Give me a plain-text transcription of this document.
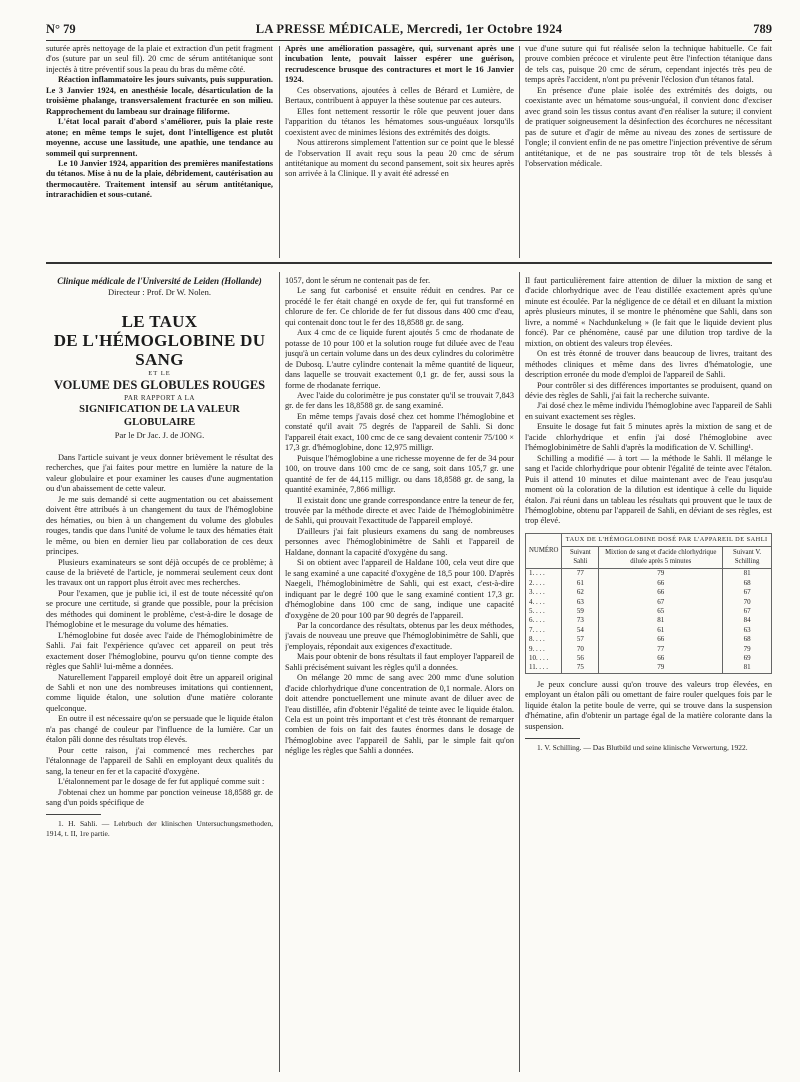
LA PRESSE MÉDICALE, Mercredi, 1er Octobre 1924
N° 79	789

suturée après nettoyage de la plaie et extraction d'un petit fragment d'os (suture par un seul fil). 20 cmc de sérum antitétanique sont injectés à titre préventif sous la peau du bras du même côté.

Réaction inflammatoire les jours suivants, puis suppuration. Le 3 Janvier 1924, en anesthésie locale, désarticulation de la troisième phalange, transversalement fracturée en son milieu. Rapprochement du lambeau sur drainage filiforme.

L'état local parait d'abord s'améliorer, puis la plaie reste atone; en même temps le sujet, dont l'intelligence est plutôt moyenne, accuse une lassitude, une apathie, une tendance au sommeil qui surprennent.

Le 10 Janvier 1924, apparition des premières manifestations du tétanos. Mise à nu de la plaie, débridement, cautérisation au thermocautère. Traitement intensif au sérum antitétanique, intrarachidien et sous-cutané.

Après une amélioration passagère, qui, survenant après une incubation lente, pouvait laisser espérer une guérison, recrudescence brusque des contractures et mort le 16 Janvier 1924.

Ces observations, ajoutées à celles de Bérard et Lumière, de Bertaux, contribuent à appuyer la thèse soutenue par ces auteurs.

Elles font nettement ressortir le rôle que peuvent jouer dans l'apparition du tétanos les hématomes sous-unguéaux lorsqu'ils coexistent avec de minimes lésions des extrémités des doigts.

Nous attirerons simplement l'attention sur ce point que le blessé de l'observation II avait reçu sous la peau 20 cmc de sérum antitétanique au moment du second pansement, soit six heures après son arrivée à la Clinique. Il y avait été adressé en

vue d'une suture qui fut réalisée selon la technique habituelle. Ce fait prouve combien précoce et virulente peut être l'infection tétanique dans de tels cas, puisque 20 cmc de sérum, cependant injectés très peu de temps après l'accident, n'ont pu prévenir l'éclosion d'un tétanos fatal.

En présence d'une plaie isolée des extrémités des doigts, ou coexistante avec un hématome sous-unguéal, il convient donc d'exciser avec grand soin les tissus contus avant d'en réaliser la suture; il convient de pratiquer soigneusement la désinfection des écorchures ne nécessitant pas de suture et d'agir de même au niveau des zones de sertissure de l'ongle; il convient enfin de ne pas omettre l'injection préventive de sérum antitétanique, et de ne pas soustraire trop tôt de tels blessés à l'observation médicale.

Clinique médicale de l'Université de Leiden (Hollande)

Directeur : Prof. Dr W. Nolen.

LE TAUX

DE L'HÉMOGLOBINE DU SANG

ET LE

VOLUME DES GLOBULES ROUGES

PAR RAPPORT A LA

SIGNIFICATION DE LA VALEUR GLOBULAIRE

Par le Dr Jac. J. de JONG.

Dans l'article suivant je veux donner brièvement le résultat des recherches, que j'ai faites pour mettre en lumière la nature de la valeur globulaire et pour examiner les causes d'une augmentation ou d'un abaissement de cette valeur.

Je me suis demandé si cette augmentation ou cet abaissement doivent être attribués à un changement du taux de l'hémoglobine des hématies, ou bien à un changement du volume des globules rouges, tandis que dans l'unité de volume le taux des hématies était le même, ou bien en dernier lieu par collaboration de ces deux principes.

Plusieurs examinateurs se sont déjà occupés de ce problème; à cause de la brièveté de l'article, je nommerai seulement ceux dont les travaux ont un rapport plus étroit avec mes recherches.

Pour l'examen, que je publie ici, il est de toute nécessité qu'on se procure une certitude, si grande que possible, pour la précision des méthodes qui dominent le problème, c'est-à-dire le dosage de l'hémoglobine et le mesurage du volume des hématies.

L'hémoglobine fut dosée avec l'aide de l'hémoglobinimètre de Sahli. J'ai fait l'expérience qu'avec cet appareil on peut très exactement doser l'hémoglobine, pourvu qu'on tienne compte des règles que Sahli¹ lui-même a données.

Naturellement l'appareil employé doit être un appareil original de Sahli et non une des nombreuses imitations qui contiennent, comme liquide étalon, une solution d'une matière colorante quelconque.

En outre il est nécessaire qu'on se persuade que le liquide étalon n'a pas changé de couleur par l'influence de la lumière. Car un étalon pâli donne des résultats trop élevés.

Pour cette raison, j'ai commencé mes recherches par l'étalonnage de l'appareil de Sahli en employant deux qualités du sang, la teneur en fer et la capacité d'oxygène.

L'étalonnement par le dosage de fer fut appliqué comme suit :

J'obtenai chez un homme par ponction veineuse 18,8588 gr. de sang d'un poids spécifique de

1. H. Sahli. — Lehrbuch der klinischen Untersuchungsmethoden, 1914, t. II, 1re partie.

1057, dont le sérum ne contenait pas de fer.

Le sang fut carbonisé et ensuite réduit en cendres. Par ce procédé le fer était changé en oxyde de fer, qui fut transformé en chlorure de fer. Ce chloride de fer fut dissous dans 400 cmc d'eau, qui contenait donc tout le fer des 18,8588 gr. de sang.

Aux 4 cmc de ce liquide furent ajoutés 5 cmc de rhodanate de potasse de 10 pour 100 et la solution rouge fut diluée avec de l'eau jusqu'à un certain volume dans un des deux cylindres du colorimètre de Dubosq. L'autre cylindre contenait la même quantité de liqueur, dans laquelle se trouvait exactement 0,1 gr. de fer, aussi sous la forme de rhodanate ferrique.

Avec l'aide du colorimètre je pus constater qu'il se trouvait 7,843 gr. de fer dans les 18,8588 gr. de sang examiné.

En même temps j'avais dosé chez cet homme l'hémoglobine et constaté qu'il avait 75 degrés de l'appareil de Sahli. Si donc l'appareil était exact, 100 cmc de ce sang devaient contenir 75/100 × 17,3 gr. d'hémoglobine, donc 12,975 milligr.

Puisque l'hémoglobine a une richesse moyenne de fer de 34 pour 100, on trouve dans 100 cmc de ce sang, soit dans 105,7 gr. une quantité de fer de 44,115 milligr. ou dans 18,8588 gr. de sang, la quantité examinée, 7,866 milligr.

Il existait donc une grande correspondance entre la teneur de fer, trouvée par la méthode directe et avec l'aide de l'hémoglobinimètre de Sahli, qui prouvait l'exactitude de l'appareil employé.

D'ailleurs j'ai fait plusieurs examens du sang de nombreuses personnes avec l'hémoglobinimètre de Sahli et l'appareil de Haldane, donnant la capacité d'oxygène du sang.

Si on obtient avec l'appareil de Haldane 100, cela veut dire que le sang examiné a une capacité d'oxygène de 18,5 pour 100. D'après Naegeli, l'hémoglobinimètre de Sahli, qui est exact, c'est-à-dire indiquant par le degré 100 que le sang examiné contient 17,3 gr. d'hémoglobine dans 100 cmc de sang, indique une capacité d'oxygène de 20 pour 100 par 90 degrés de l'appareil.

Par la concordance des résultats, obtenus par les deux méthodes, j'avais de nouveau une preuve que l'hémoglobinimètre de Sahli, que j'employais, répondait aux exigences d'exactitude.

Mais pour obtenir de bons résultats il faut employer l'appareil de Sahli précisément suivant les règles qu'il a données.

On mélange 20 mmc de sang avec 200 mmc d'une solution d'acide chlorhydrique d'une concentration de 0,1 normale. Alors on doit attendre ponctuellement une minute avant de diluer avec de l'eau distillée, afin d'obtenir l'égalité de teinte avec le liquide étalon. Cela est un point très important et c'est très étonnant de remarquer combien de fois on fait des fautes énormes dans le dosage de l'hémoglobine avec l'appareil de Sahli, par le simple fait qu'on néglige les règles que Sahli a données.

Il faut particulièrement faire attention de diluer la mixtion de sang et d'acide chlorhydrique avec de l'eau distillée exactement après qu'une minute est écoulée. Par la négligence de ce détail et en diluant la mixtion après plusieurs minutes, il se montre le phénomène que Sahli, dans son livre, a nommé « Nachdunkelung » (le fait que le liquide devient plus foncé). Par ce phénomène, causé par une dilution trop tardive de la mixtion, on obtient des valeurs trop élevées.

On est très étonné de trouver dans beaucoup de livres, traitant des méthodes cliniques et même dans des livres d'hématologie, une description erronée du mode d'emploi de l'appareil de Sahli.

Pour contrôler si des différences importantes se produisent, quand on dévie des règles de Sahli, j'ai fait la recherche suivante.

J'ai dosé chez le même individu l'hémoglobine avec l'appareil de Sahli en suivant exactement ses règles.

Ensuite le dosage fut fait 5 minutes après la mixtion de sang et de l'acide chlorhydrique et enfin j'ai dosé l'hémoglobine avec l'hémoglobinimètre de Sahli d'après la modification de V. Schilling¹.

Schilling a modifié — à tort — la méthode le Sahli. Il mélange le sang et l'acide chlorhydrique pour obtenir l'égalité de teinte avec l'étalon. Puis il attend 10 minutes et dilue maintenant avec de l'eau jusqu'au moment où la coloration de la dilution est identique à celle du liquide étalon. J'ai réuni dans un tableau les résultats qui prouvent que le taux de l'hémoglobine, obtenu par l'appareil de Sahli, en déviant de ses règles, est trop élevé.

NUMÉRO	TAUX DE L'HÉMOGLOBINE DOSÉ PAR L'APPAREIL DE SAHLI		
	Suivant Sahli	Mixtion de sang et d'acide chlorhydrique diluée après 5 minutes	Suivant V. Schilling
1. . . .	77	79	81
2. . . .	61	66	68
3. . . .	62	66	67
4. . . .	63	67	70
5. . . .	59	65	67
6. . . .	73	81	84
7. . . .	54	61	63
8. . . .	57	66	68
9. . . .	70	77	79
10. . . .	56	66	69
11. . . .	75	79	81

Je peux conclure aussi qu'on trouve des valeurs trop élevées, en employant un étalon pâli ou omettant de faire rouler quelques fois par le liquide étalon la petite boule de verre, qui se trouve dans la suspension d'hématine, afin d'obtenir un partage égal de la matière colorante dans la suspension.

1. V. Schilling. — Das Blutbild und seine klinische Verwertung, 1922.
